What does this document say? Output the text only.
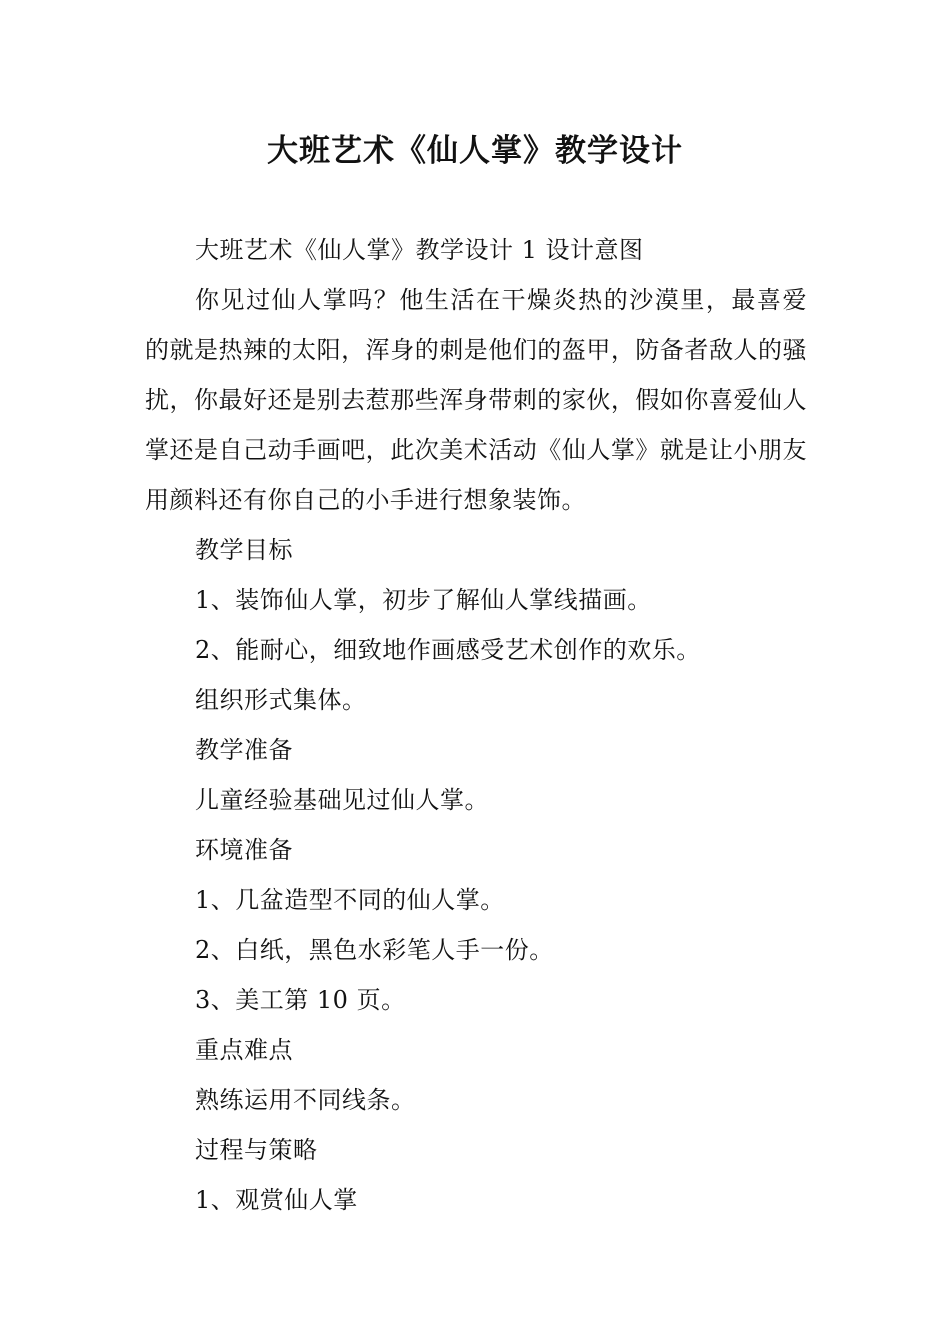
大班艺术《仙人掌》教学设计

大班艺术《仙人掌》教学设计 1 设计意图

你见过仙人掌吗？他生活在干燥炎热的沙漠里，最喜爱的就是热辣的太阳，浑身的刺是他们的盔甲，防备者敌人的骚扰，你最好还是别去惹那些浑身带刺的家伙，假如你喜爱仙人掌还是自己动手画吧，此次美术活动《仙人掌》就是让小朋友用颜料还有你自己的小手进行想象装饰。

教学目标

1、装饰仙人掌，初步了解仙人掌线描画。

2、能耐心，细致地作画感受艺术创作的欢乐。

组织形式集体。

教学准备

儿童经验基础见过仙人掌。

环境准备

1、几盆造型不同的仙人掌。

2、白纸，黑色水彩笔人手一份。

3、美工第 10 页。

重点难点

熟练运用不同线条。

过程与策略

1、观赏仙人掌
